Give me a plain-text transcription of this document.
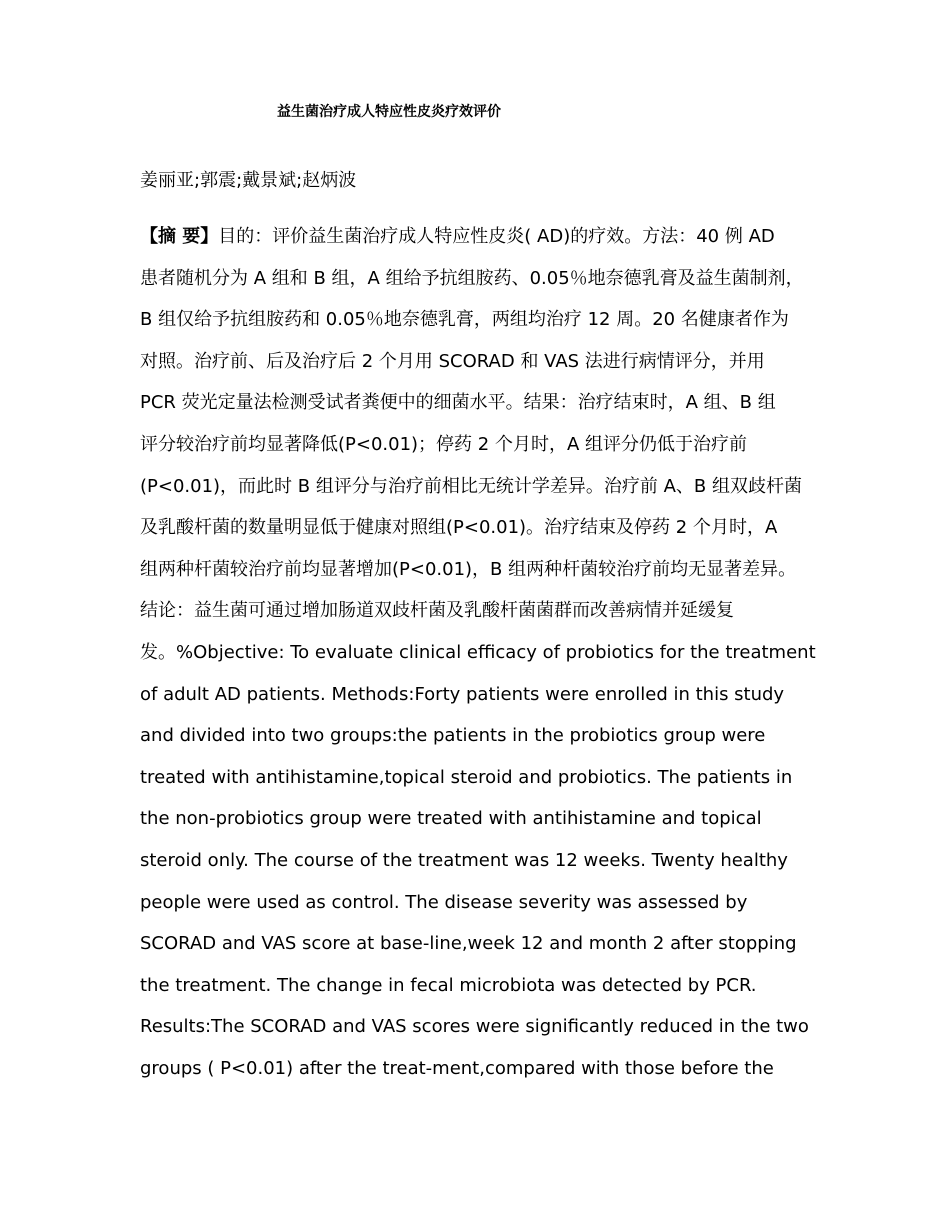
益生菌治疗成人特应性皮炎疗效评价
姜丽亚;郭震;戴景斌;赵炳波
【摘 要】目的：评价益生菌治疗成人特应性皮炎( AD)的疗效。方法：40 例 AD
患者随机分为 A 组和 B 组，A 组给予抗组胺药、0.05％地奈德乳膏及益生菌制剂，
B 组仅给予抗组胺药和 0.05％地奈德乳膏，两组均治疗 12 周。20 名健康者作为
对照。治疗前、后及治疗后 2 个月用 SCORAD 和 VAS 法进行病情评分，并用
PCR 荧光定量法检测受试者粪便中的细菌水平。结果：治疗结束时，A 组、B 组
评分较治疗前均显著降低(P<0.01)；停药 2 个月时，A 组评分仍低于治疗前
(P<0.01)，而此时 B 组评分与治疗前相比无统计学差异。治疗前 A、B 组双歧杆菌
及乳酸杆菌的数量明显低于健康对照组(P<0.01)。治疗结束及停药 2 个月时，A
组两种杆菌较治疗前均显著增加(P<0.01)，B 组两种杆菌较治疗前均无显著差异。
结论：益生菌可通过增加肠道双歧杆菌及乳酸杆菌菌群而改善病情并延缓复
发。%Objective: To evaluate clinical efficacy of probiotics for the treatment
of adult AD patients. Methods:Forty patients were enrolled in this study
and divided into two groups:the patients in the probiotics group were
treated with antihistamine,topical steroid and probiotics. The patients in
the non-probiotics group were treated with antihistamine and topical
steroid only. The course of the treatment was 12 weeks. Twenty healthy
people were used as control. The disease severity was assessed by
SCORAD and VAS score at base-line,week 12 and month 2 after stopping
the treatment. The change in fecal microbiota was detected by PCR.
Results:The SCORAD and VAS scores were significantly reduced in the two
groups ( P<0.01) after the treat-ment,compared with those before the
